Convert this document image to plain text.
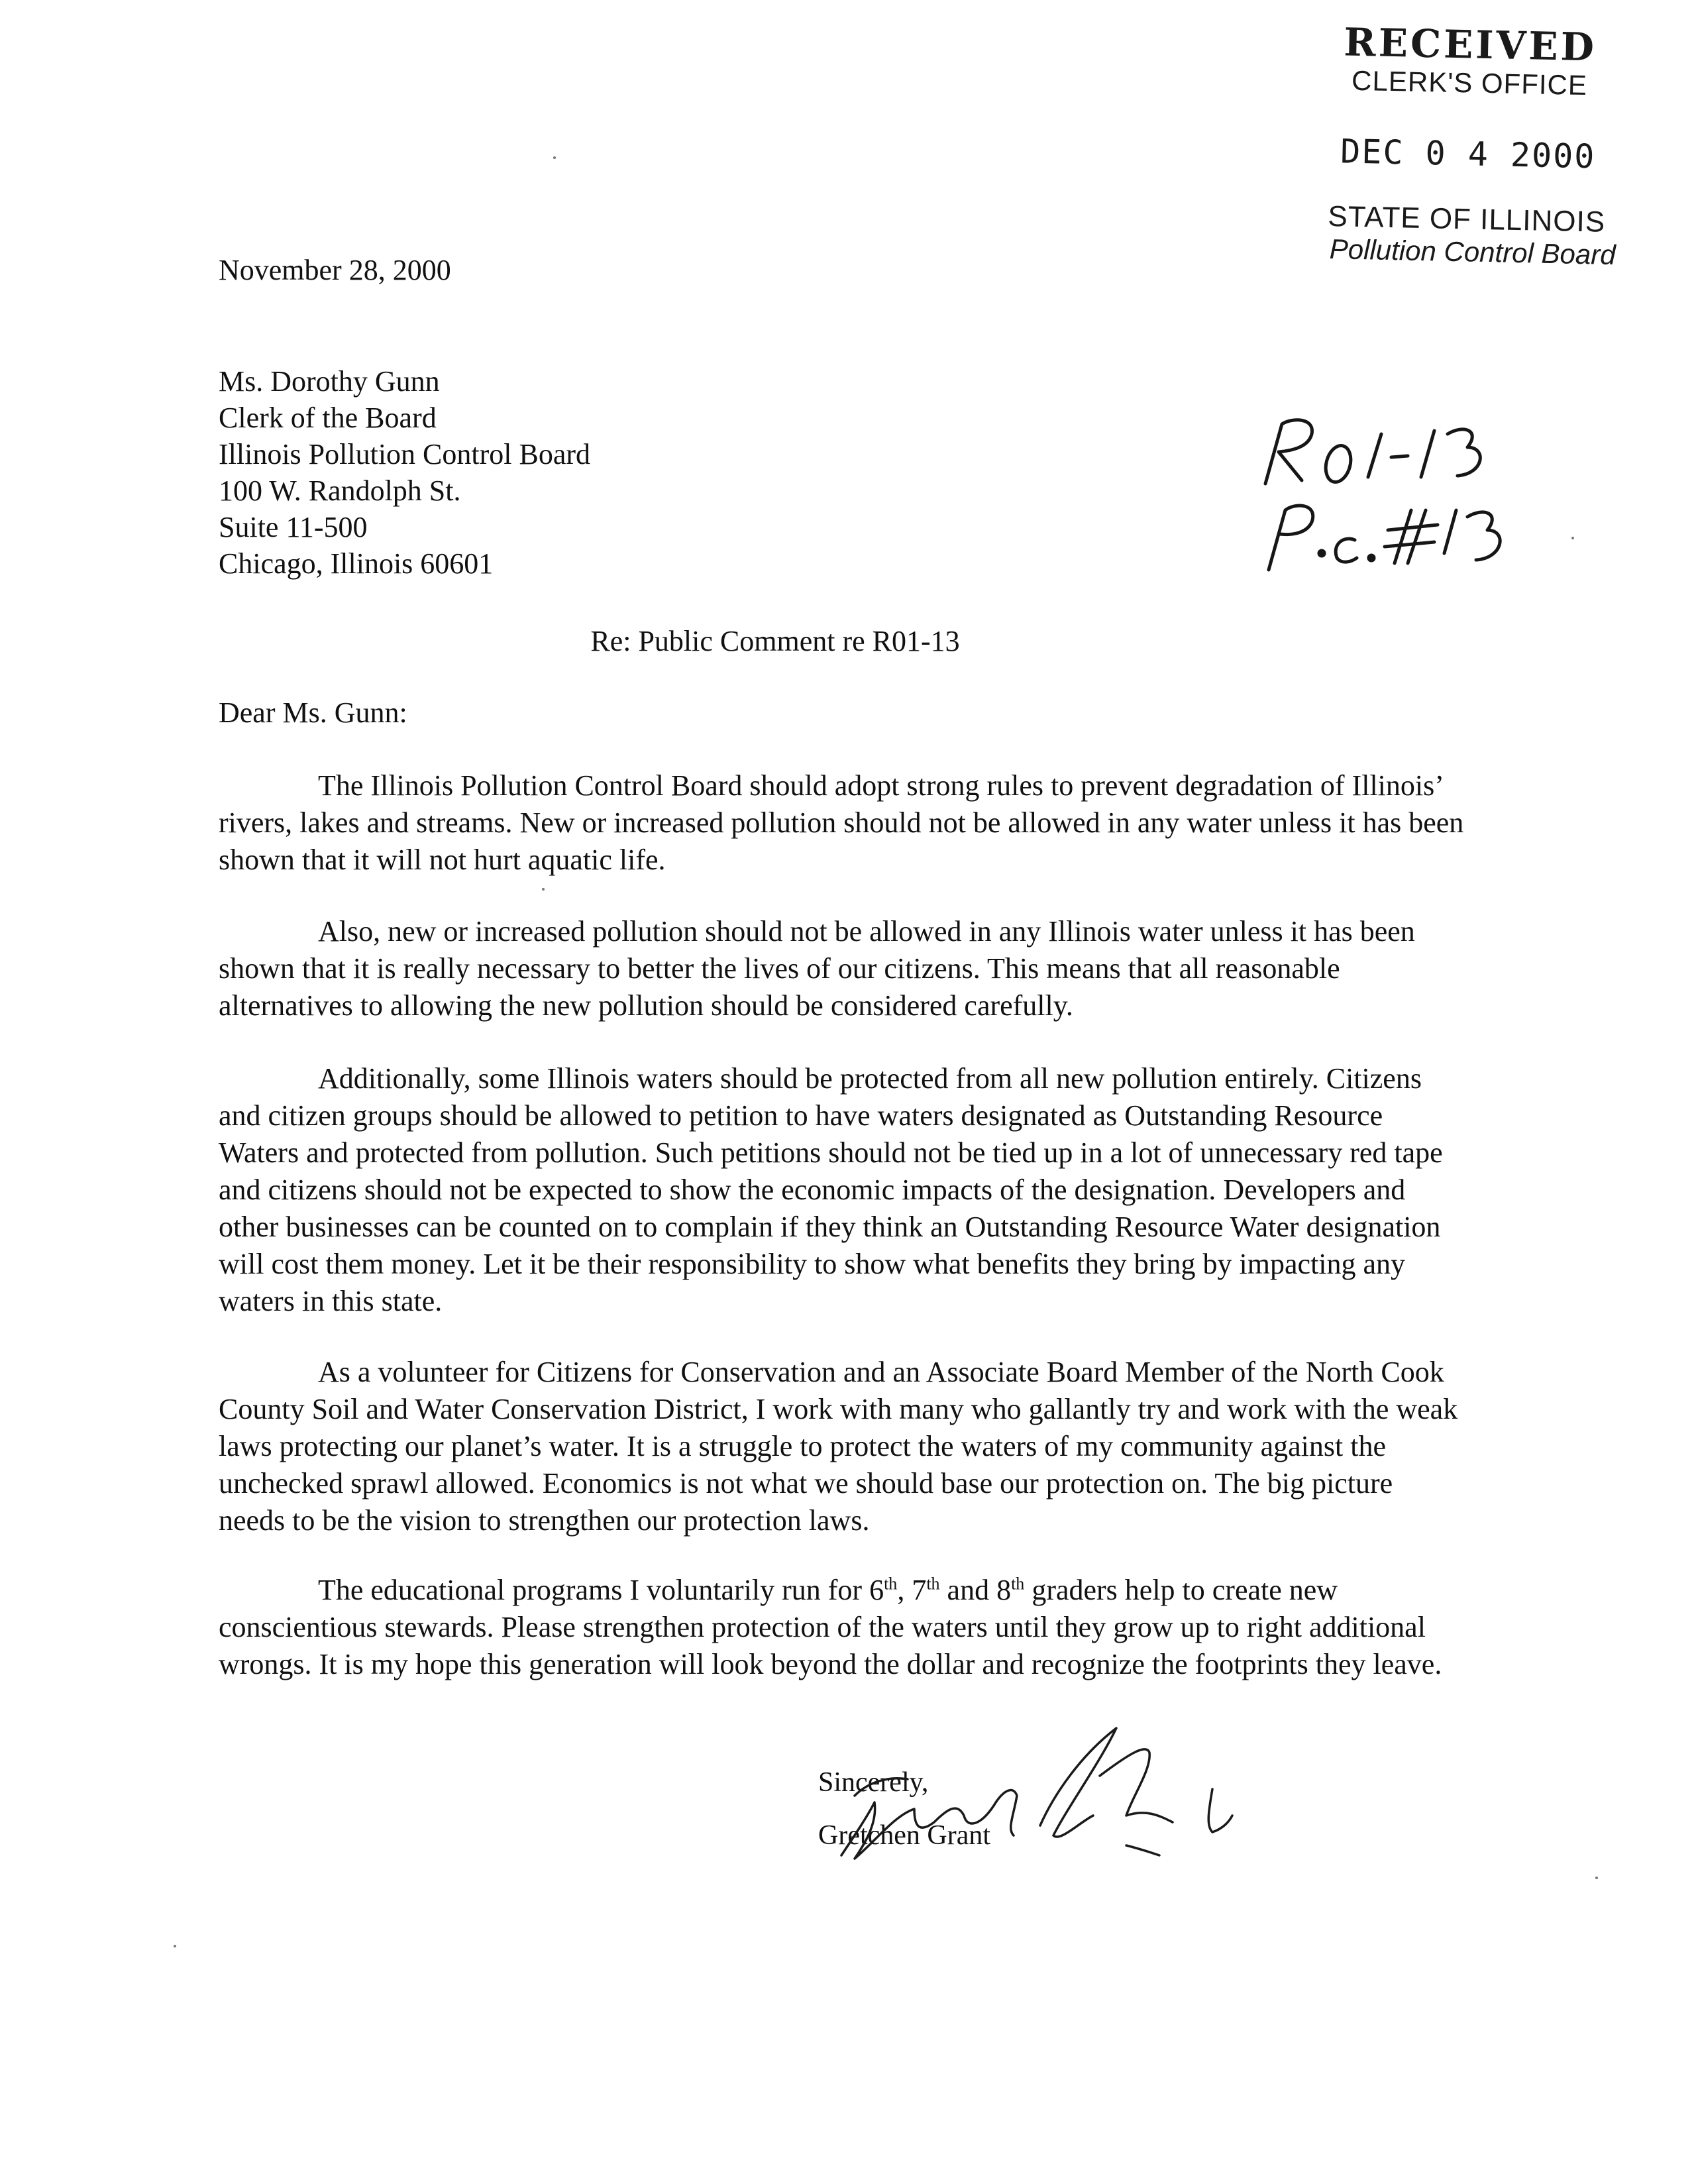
RECEIVED
CLERK'S OFFICE
DEC 0 4 2000
STATE OF ILLINOIS
Pollution Control Board
November 28, 2000
Ms. Dorothy Gunn
Clerk of the Board
Illinois Pollution Control Board
100 W. Randolph St.
Suite 11-500
Chicago, Illinois 60601
Re: Public Comment re R01-13
Dear Ms. Gunn:

The Illinois Pollution Control Board should adopt strong rules to prevent degradation of Illinois’ rivers, lakes and streams. New or increased pollution should not be allowed in any water unless it has been shown that it will not hurt aquatic life.

Also, new or increased pollution should not be allowed in any Illinois water unless it has been shown that it is really necessary to better the lives of our citizens. This means that all reasonable alternatives to allowing the new pollution should be considered carefully.

Additionally, some Illinois waters should be protected from all new pollution entirely. Citizens and citizen groups should be allowed to petition to have waters designated as Outstanding Resource Waters and protected from pollution. Such petitions should not be tied up in a lot of unnecessary red tape and citizens should not be expected to show the economic impacts of the designation. Developers and other businesses can be counted on to complain if they think an Outstanding Resource Water designation will cost them money. Let it be their responsibility to show what benefits they bring by impacting any waters in this state.

As a volunteer for Citizens for Conservation and an Associate Board Member of the North Cook County Soil and Water Conservation District, I work with many who gallantly try and work with the weak laws protecting our planet’s water. It is a struggle to protect the waters of my community against the unchecked sprawl allowed. Economics is not what we should base our protection on. The big picture needs to be the vision to strengthen our protection laws.

The educational programs I voluntarily run for 6th, 7th and 8th graders help to create new conscientious stewards. Please strengthen protection of the waters until they grow up to right additional wrongs. It is my hope this generation will look beyond the dollar and recognize the footprints they leave.

Sincerely,
Gretchen Grant
